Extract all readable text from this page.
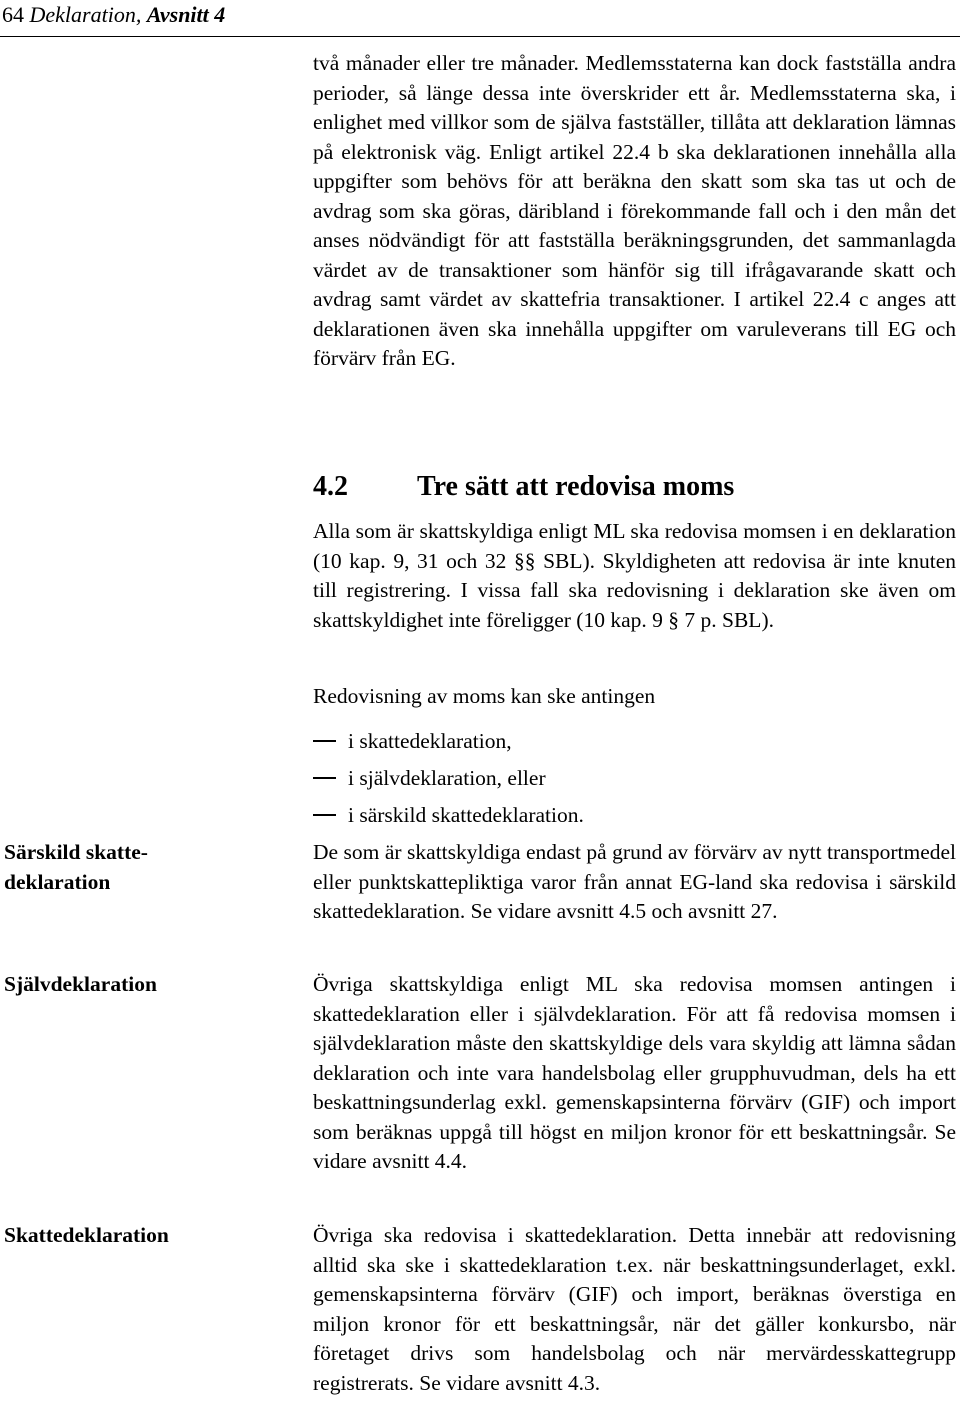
64 Deklaration, Avsnitt 4

två månader eller tre månader. Medlemsstaterna kan dock fastställa andra perioder, så länge dessa inte överskrider ett år. Medlemsstaterna ska, i enlighet med villkor som de själva fastställer, tillåta att deklaration lämnas på elektronisk väg. Enligt artikel 22.4 b ska deklarationen innehålla alla uppgifter som behövs för att beräkna den skatt som ska tas ut och de avdrag som ska göras, däribland i förekommande fall och i den mån det anses nödvändigt för att fastställa beräkningsgrunden, det sammanlagda värdet av de transaktioner som hänför sig till ifrågavarande skatt och avdrag samt värdet av skattefria transaktioner. I artikel 22.4 c anges att deklarationen även ska innehålla uppgifter om varuleverans till EG och förvärv från EG.

4.2 Tre sätt att redovisa moms

Alla som är skattskyldiga enligt ML ska redovisa momsen i en deklaration (10 kap. 9, 31 och 32 §§ SBL). Skyldigheten att redovisa är inte knuten till registrering. I vissa fall ska redovisning i deklaration ske även om skattskyldighet inte föreligger (10 kap. 9 § 7 p. SBL).

Redovisning av moms kan ske antingen

i skattedeklaration,
i självdeklaration, eller
i särskild skattedeklaration.

De som är skattskyldiga endast på grund av förvärv av nytt transportmedel eller punktskattepliktiga varor från annat EG-land ska redovisa i särskild skattedeklaration. Se vidare avsnitt 4.5 och avsnitt 27.

Övriga skattskyldiga enligt ML ska redovisa momsen antingen i skattedeklaration eller i självdeklaration. För att få redovisa momsen i självdeklaration måste den skattskyldige dels vara skyldig att lämna sådan deklaration och inte vara handelsbolag eller grupphuvudman, dels ha ett beskattningsunderlag exkl. gemenskapsinterna förvärv (GIF) och import som beräknas uppgå till högst en miljon kronor för ett beskattningsår. Se vidare avsnitt 4.4.

Övriga ska redovisa i skattedeklaration. Detta innebär att redovisning alltid ska ske i skattedeklaration t.ex. när beskattningsunderlaget, exkl. gemenskapsinterna förvärv (GIF) och import, beräknas överstiga en miljon kronor för ett beskattningsår, när det gäller konkursbo, när företaget drivs som handelsbolag och när mervärdesskattegrupp registrerats. Se vidare avsnitt 4.3.

Särskild skattedeklaration
Självdeklaration
Skattedeklaration
